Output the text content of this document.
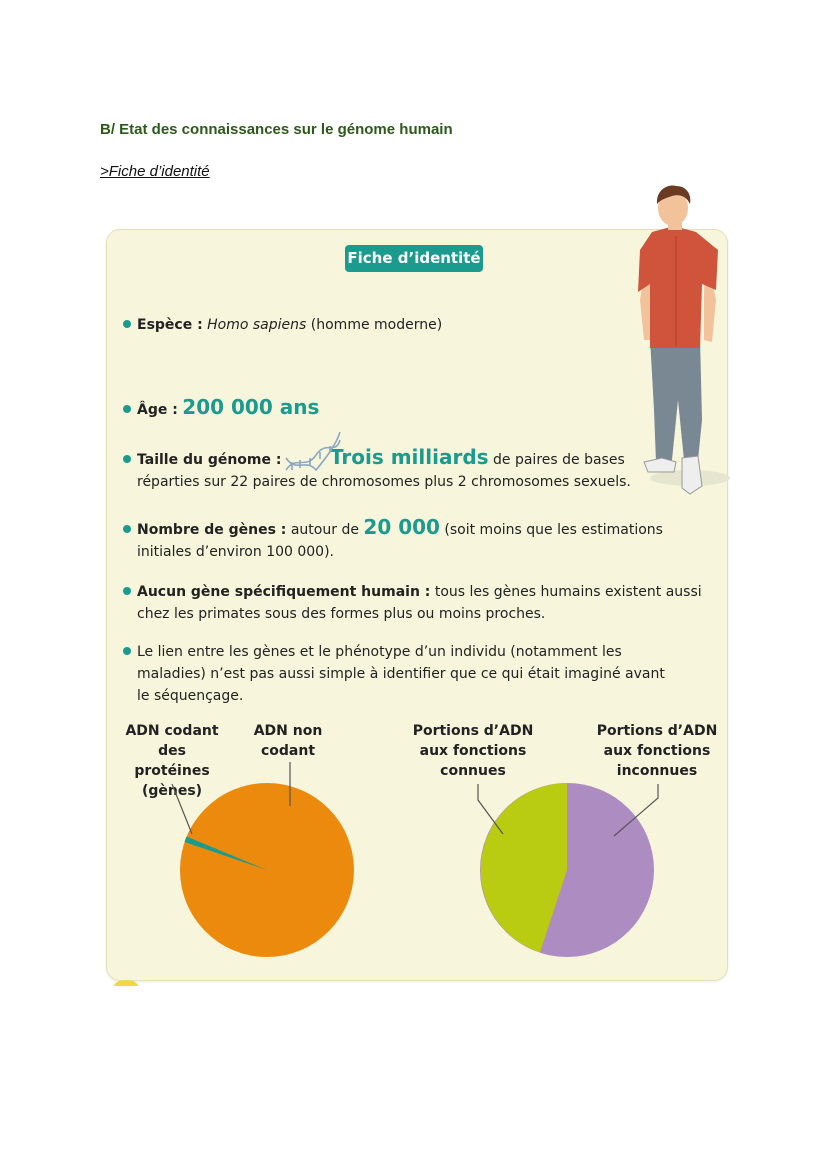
B/ Etat des connaissances sur le génome humain
>Fiche d’identité
Fiche d’identité
Espèce : Homo sapiens (homme moderne)
Âge : 200 000 ans
Taille du génome : Trois milliards de paires de bases
réparties sur 22 paires de chromosomes plus 2 chromosomes sexuels.
Nombre de gènes : autour de 20 000 (soit moins que les estimations
initiales d’environ 100 000).
Aucun gène spécifiquement humain : tous les gènes humains existent aussi
chez les primates sous des formes plus ou moins proches.
Le lien entre les gènes et le phénotype d’un individu (notamment les
maladies) n’est pas aussi simple à identifier que ce qui était imaginé avant
le séquençage.
ADN codant
des protéines
(gènes)
ADN non
codant
Portions d’ADN
aux fonctions
connues
Portions d’ADN
aux fonctions
inconnues
